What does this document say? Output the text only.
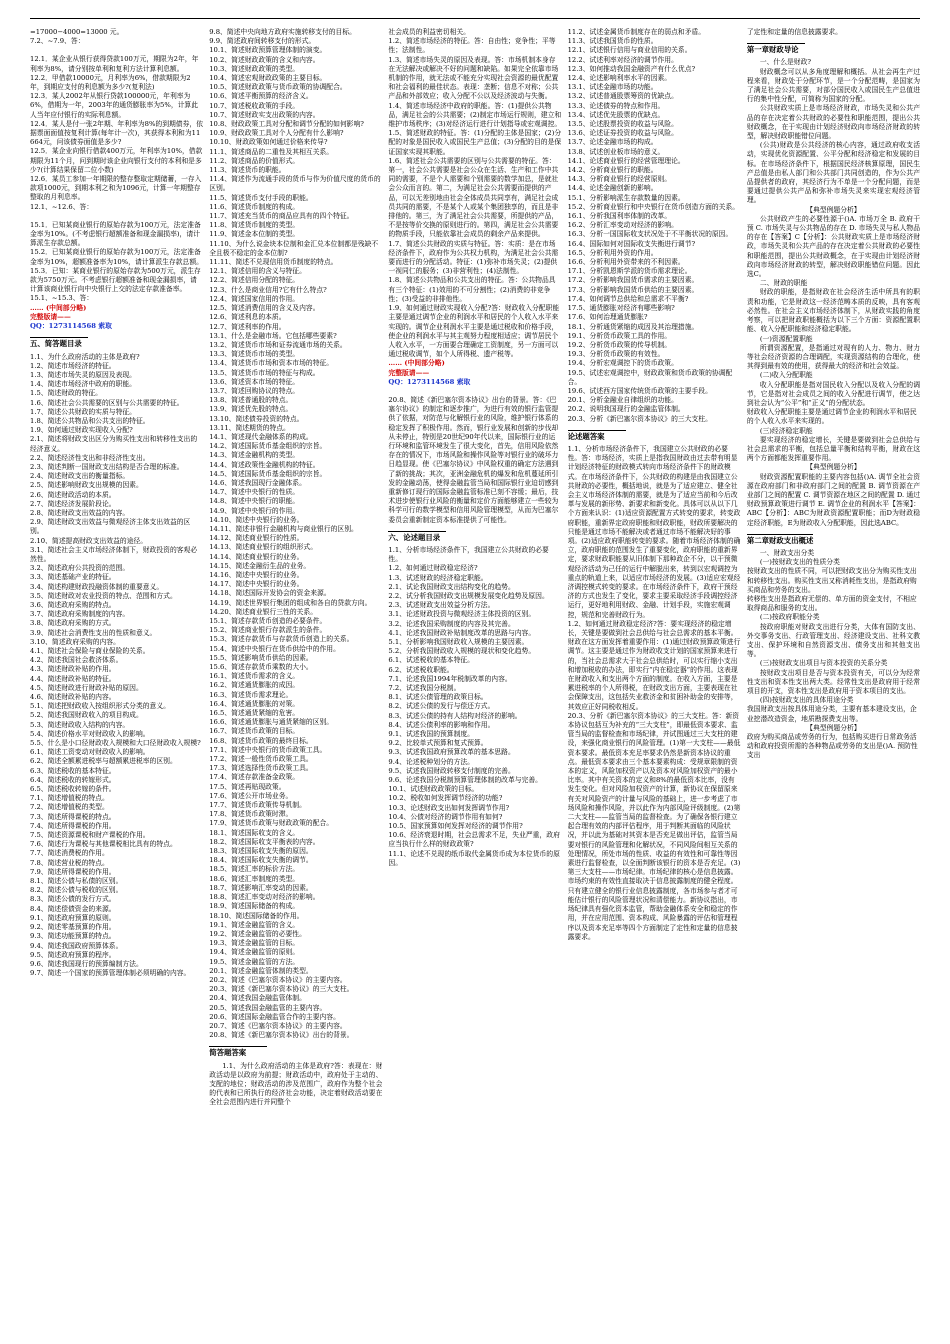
=17000−4000=13000 元。

7.2、~7.9、答：

12.1．某企业从银行获得贷款100万元，期限为2年，年利率为8%，请分别按单利和复利方法计算利息额。

12.2．甲借款10000元，月利率为6%，借款期限为2年，到期应支付的利息额为多少?(复利法)

12.3．某人2002年从银行贷款100000元，年利率为6%，借期为一年，2003年的通货膨胀率为5%，计算此人当年应付银行的实际利息额。

12.4．某人是付一张2年期、年利率为8%的到期债券，依据票面面值按复利计算(每年计一次)，其获得本利和为11664元，问该债券面值是多少?

12.5．某企业向银行借款400万元，年利率为10%，借款期限为11个月，问到期时该企业向银行支付的本利和是多少?(计算结果保留二位小数)

12.6．某员工参加一年期限的整存整取定期储蓄，一存入款项1000元，到期本利之和为1096元，计算一年期整存整取的月利息率。

12.1、~12.6、答：

15.1．已知某商业银行的原始存款为100万元，法定准备金率为10%。(不考虑银行超额准备和现金漏损率)，请计算派生存款总额。

15.2．已知某商业银行的原始存款为100万元，法定准备金率为10%，超额准备率为10%，请计算派生存款总额。

15.3．已知：某商业银行的原始存款为500万元，派生存款为5750万元。不考虑银行超额准备和现金漏损率，请计算该商业银行向中央银行上交的法定存款准备率。

15.1、~15.3、答：

…… (中间部分略)

完整版请——

QQ：1273114568 索取

五、简答题目录

1.1、为什么政府活动的主体是政府?

1.2、简述市场经济的特征。

1.3、简述市场失灵的原因及表现。

1.4、简述市场经济中政府的职能。

1.5、简述财政的特征。

1.6、简述社会公共需要的区别与公共需要的特征。

1.7、简述公共财政的实质与特征。

1.8、简述公共物品和公共支出的特征。

1.9、如何通过财政实现收入分配?

2.1、简述将财政支出区分为购买性支出和转移性支出的经济意义。

2.2、简述经济性支出和非经济性支出。

2.3、简述判断一国财政支出结构是否合理的标准。

2.4、简述财政支出的衡量指标。

2.5、简述影响财政支出规模的因素。

2.6、简述财政活动的本质。

2.7、简述经济发展阶段论。

2.8、简述财政支出效益的内容。

2.9、简述财政支出效益与微观经济主体支出效益的区别。

2.10、简述提高财政支出效益的途径。

3.1、简述社会主义市场经济体制下，财政投资的客观必然性。

3.2、简述政府公共投资的范围。

3.3、简述基础产业的特征。

3.4、简述构建财政投融资体制的重要意义。

3.5、简述财政对农业投资的特点、范围和方式。

3.6、简述政府采购的特点。

3.7、简述政府采购制度的内容。

3.8、简述政府采购的方式。

3.9、简述社会消费性支出的性质和意义。

3.10、简述政府采购的内容。

4.1、简述社会保险与商业保险的关系。

4.2、简述我国社会救济体系。

4.3、简述财政补贴的作用。

4.4、简述财政补贴的特征。

4.5、简述财政进行财政补贴的原因。

4.6、简述财政补贴的内容。

5.1、简述把财政收入按组织形式分类的意义。

5.2、简述我国财政收入的项目构成。

5.3、简述财政收入结构的内容。

5.4、简述价格水平对财政收入的影响。

5.5、什么是小口径财政收入规模和大口径财政收入规模?

6.1、简述工资变动对财政收入的影响。

6.2、简述全额累进税率与超额累进税率的区别。

6.3、简述税收的基本特征。

6.4、简述税收的转嫁形式。

6.5、简述税收转嫁的条件。

7.1、简述增值税的特点。

7.2、简述增值税的类型。

7.3、简述所得课税的特点。

7.4、简述所得课税的作用。

7.5、简述资源课税和财产课税的作用。

7.6、简述行为课税与其他课税相比具有的特点。

7.7、简述消费税的作用。

7.8、简述营业税的特点。

7.9、简述所得课税的作用。

8.1、简述公债与私债的区别。

8.2、简述公债与税收的区别。

8.3、简述公债的发行方式。

8.4、简述偿债资金的来源。

9.1、简述政府预算的原则。

9.2、简述零基预算的作用。

9.3、简述功能预算的特点。

9.4、简述我国政府预算体系。

9.5、简述政府预算的程序。

9.6、简述我国现行的预算编制方法。

9.7、简述一个国家的预算管理体制必须明确的内容。

9.8、简述中央向地方政府实施转移支付的目标。

9.9、简述政府间转移支付的形式。

10.1、简述财政预算管理体制的演变。

10.2、简述财政政策的含义和内容。

10.3、简述财政政策的类型。

10.4、简述宏观财政政策的主要目标。

10.5、简述财政政策与货币政策的协调配合。

10.6、简述平衡预算的经济含义。

10.7、简述税收政策的手段。

10.7、简述财政实支出政策的内容。

10.8、财政政策工具对分配和调节分配的如何影响?

10.9、财政政策工具对个人分配有什么影响?

10.10、财政政策如何通过价格来传导?

11.1、简述商品的二重性及其相互关系。

11.2、简述商品的价值形式。

11.3、简述货币的职能。

11.4、简述作为流通手段的货币与作为价值尺度的货币的区别。

11.5、简述货币支付手段的职能。

11.6、简述货币制度的构成。

11.7、简述充当货币的商品应具有的四个特征。

11.8、简述货币制度的类型。

11.9、简述金本位制的类型。

11.10、为什么说金块本位制和金汇兑本位制都是残缺不全且极不稳定的金本位制?

11.11、简述不兑现信用货币制度的特点。

12.1、简述信用的含义与特征。

12.2、简述信用分配的特征。

12.3、什么是商业信用?它有什么特点?

12.4、简述国家信用的作用。

12.5、简述消费信用的含义及内容。

12.6、简述利息的本质。

12.7、简述利率的作用。

13.1、什么是金融市场。它包括哪些要素?

13.2、简述货币市场和证券流通市场的关系。

13.3、简述货币市场的类型。

13.4、简述货币市场和资本市场的特征。

13.5、简述货币市场的特征与构成。

13.6、简述资本市场的特征。

13.7、简述回购协议的特点。

13.8、简述普通股的特点。

13.9、简述优先股的特点。

13.10、简述债券投资的特点。

13.11、简述期货的特点。

14.1、简述现代金融体系的构成。

14.2、简述国际货币基金组织的宗旨。

14.3、简述金融机构的类型。

14.4、简述政策性金融机构的特征。

14.5、简述国际货币基金组织的宗旨。

14.6、简述我国现行金融体系。

14.7、简述中央银行的性质。

14.8、简述中央银行的职能。

14.9、简述中央银行的作用。

14.10、简述中央银行的业务。

14.11、简述非银行金融机构与商业银行的区别。

14.12、简述商业银行的性质。

14.13、简述商业银行的组织形式。

14.14、简述商业银行的业务。

14.15、简述金融衍生品的业务。

14.16、简述中央银行的业务。

14.17、简述中央银行的业务。

14.18、简述国际开发协会的资金来源。

14.19、简述世界银行集团的组成和各自的贷款方向。

14.20、简述商业银行三性的关系。

15.1、简述存款货币创造的必要条件。

15.2、简述商业银行存款派生的条件。

15.3、简述存款货币与存款货币创造上的关系。

15.4、简述中央银行在货币供给中的作用。

15.5、简述影响货币供给的因素。

15.6、简述存款货币乘数的大小。

16.1、简述货币需求的含义。

16.2、简述通货膨胀的成因。

16.3、简述货币需求理论。

16.4、简述通货膨胀的对策。

16.5、简述通货紧缩的危害。

16.6、简述通货膨胀与通货紧缩的区别。

16.7、简述货币政策的目标。

16.8、简述货币政策的最终目标。

17.1、简述中央银行的货币政策工具。

17.2、简述一般性货币政策工具。

17.3、简述选择性货币政策工具。

17.4、简述存款准备金政策。

17.5、简述再贴现政策。

17.6、简述公开市场业务。

17.7、简述货币政策传导机制。

17.8、简述货币政策时滞。

17.9、简述货币政策与财政政策的配合。

18.1、简述国际收支的含义。

18.2、简述国际收支平衡表的内容。

18.3、简述国际收支失衡的原因。

18.4、简述国际收支失衡的调节。

18.5、简述汇率的标价方法。

18.6、简述汇率制度的类型。

18.7、简述影响汇率变动的因素。

18.8、简述汇率变动对经济的影响。

18.9、简述国际储备的构成。

18.10、简述国际储备的作用。

19.1、简述金融监管的含义。

19.2、简述金融监管的必要性。

19.3、简述金融监管的目标。

19.4、简述金融监管的原则。

19.5、简述金融监管的方法。

20.1、简述金融监管体制的类型。

20.2、简述《巴塞尔资本协议》的主要内容。

20.3、简述《新巴塞尔资本协议》的三大支柱。

20.4、简述我国金融监管体制。

20.5、简述我国金融监管的主要内容。

20.6、简述国际金融监管合作的主要内容。

20.7、简述《巴塞尔资本协议》的主要内容。

20.8、简述《新巴塞尔资本协议》出台的背景。

简答题答案

1.1、为什么政府活动的主体是政府?答：表现在：财政活动是以政府为前提；财政活动中，政府处于主动的、支配的地位；财政活动的涉及范围广，政府作为整个社会的代表和已所执行的经济社会功能，决定着财政活动要在全社会范围内进行并同整个

社会成员的利益密切相关。

1.2、简述市场经济的特征。答：自由性；竞争性；平等性；法制性。

1.3、简述市场失灵的原因及表现。答：市场机制本身存在无法解决或解决不好的问题和缺陷。如果完全依靠市场机制的作用，就无法或不能充分实现社会资源的最优配置和社会福利的最佳状态。表现：垄断；信息不对称；公共产品和外部效应；收入分配不公以及经济波动与失衡。

1.4、简述市场经济中政府的职能。答：(1)提供公共物品，满足社会的公共需要；(2)制定市场运行规则，建立和维护市场秩序；(3)对经济运行进行计划指导或宏观调控。

1.5、简述财政的特征。答：(1)分配的主体是国家；(2)分配的对象是国民收入或国民生产总值；(3)分配的目的是保证国家实现其职能。

1.6、简述社会公共需要的区别与公共需要的特征。答：第一，社会公共需要是社会公众在生活、生产和工作中共同的需要，不是个人需要和个别需要的数学加总，是就社会公众而言的。第二，为满足社会公共需要而提供的产品，可以无差别地由社会全体成员共同享有，满足社会成员共同的需要，不是某个人或某个集团独享的，而且是非排他的。第三，为了满足社会公共需要，所提供的产品，不是按等价交换的原则进行的。第四，满足社会公共需要的物质手段，只能依靠社会成员的剩余产品来提供。

1.7、简述公共财政的实质与特征。答：实质：是在市场经济条件下，政府作为公共权力机构，为满足社会公共需要而进行的分配活动。特征：(1)弥补市场失灵；(2)提供一视同仁的服务；(3)非营利性；(4)法制性。

1.8、简述公共物品和公共支出的特征。答：公共物品具有三个特征：(1)效用的不可分割性；(2)消费的非竞争性；(3)受益的非排他性。

1.9、如何通过财政实现收入分配?答：财政收入分配职能主要是通过调节企业的利润水平和居民的个人收入水平来实现的。调节企业利润水平主要是通过税收和价格手段，使企业的利润水平与其主观努力程度相适应；调节居民个人收入水平，一方面要合理确定工资制度，另一方面可以通过税收调节，如个人所得税、遗产税等。

…… (中间部分略)

完整版请——

QQ：1273114568 索取

20.8、简述《新巴塞尔资本协议》出台的背景。答：《巴塞尔协议》的制定和逐步推广，为进行有效的银行监管提供了依据，对防范与化解银行业的风险，维护银行体系的稳定发挥了积极作用。然而，银行业发展和创新的步伐却从未停止，特别是20世纪90年代以来，国际银行业的运行环境和监管环境发生了很大变化，首先，信用风险依然存在的情况下，市场风险和操作风险等对银行业的破坏力日趋显现。使《巴塞尔协议》中风险权重的确定方法遇到了新的挑战；其次，亚洲金融危机的爆发和危机蔓延所引发的金融动荡，使得金融监管当局和国际银行业迫切感到重新修订现行的国际金融监管标准已刻不容缓；最后，技术进步使银行业风险的衡量和定价方面能够建立一些较为科学可行的数学模型和信用风险管理模型，从而为巴塞尔委员会重新制定资本标准提供了可能性。

六、论述题目录

1.1、分析市场经济条件下，我国建立公共财政的必要性。

1.2、如何通过财政稳定经济?

1.3、试述财政的经济稳定职能。

2.1、试论我国财政支出结构变化的趋势。

2.2、试分析我国财政支出规模发展变化趋势及原因。

2.3、试述财政支出效益分析方法。

3.1、论述财政投资与微观经济主体投资的区别。

3.2、论述我国采购制度的内容及其完善。

4.1、论述我国财政补贴制度改革的思路与内容。

5.1、分析影响我国财政收入规模的主要因素。

5.2、分析我国财政收入规模的现状和变化趋势。

6.1、试述税收的基本特征。

6.2、试述税收职能。

7.1、论述我国1994年税制改革的内容。

7.2、试述我国分税制。

8.1、试述公债管理的政策目标。

8.2、试述公债的发行与偿还方式。

8.3、试述公债的持有人结构对经济的影响。

8.4、试述公债利率的影响和作用。

9.1、试述我国的预算制度。

9.2、比较单式预算和复式预算。

9.3、试述我国政府预算改革的基本思路。

9.4、论述税种划分的方法。

9.5、试述我国财政转移支付制度的完善。

9.6、论述我国分税制预算管理体制的改革与完善。

10.1、试述财政政策的目标。

10.2、税收如何发挥调节经济的功能?

10.3、论述财政支出如何发挥调节作用?

10.4、公债对经济的调节作用有如何?

10.5、国家预算如何发挥对经济的调节作用?

10.6、经济衰退时期，社会总需求不足，失业严重，政府应当执行什么样的财政政策?

11.1、论述不兑现的纸币取代金属货币成为本位货币的原因。

11.2、试述金属货币制度存在的弱点和矛盾。

11.3、试述我国货币的性质。

12.1、试述银行信用与商业信用的关系。

12.2、试述利率对经济的调节作用。

12.3、如何推动我国金融资产有什么优点?

12.4、论述影响利率水平的因素。

13.1、试述金融市场的功能。

13.2、试述普通股票筹资的优缺点。

13.3、论述债券的特点和作用。

13.4、试述优先股票的优缺点。

13.5、论述股票投资的收益与风险。

13.6、论述证券投资的收益与风险。

13.7、论述金融市场的构成。

13.8、试述创业板市场的意义。

14.1、论述商业银行的经营管理理论。

14.2、分析商业银行的职能。

14.3、分析商业银行的经营原则。

14.4、论述金融创新的影响。

15.1、分析影响派生存款数量的因素。

15.2、分析商业银行和中央银行在货币创造方面的关系。

16.1、分析我国利率体制的改革。

16.2、分析汇率变动对经济的影响。

16.3、分析一国国际收支状况处于不平衡状况的原因。

16.4、国际如何对国际收支失衡进行调节?

16.5、分析利用外资的作用。

16.6、分析利用外资带来的不利因素。

17.1、分析凯恩斯学派的货币需求理论。

17.2、分析影响我国货币需求的主要因素。

17.3、分析影响我国货币供给的主要因素。

17.4、如何调节总供给和总需求不平衡?

17.5、通货膨胀对经济有哪些影响?

17.6、如何治理通货膨胀?

18.1、分析通货紧缩的成因及其治理措施。

19.1、分析货币政策工具的作用。

19.2、分析货币政策的传导机制。

19.3、分析货币政策的有效性。

19.4、分析宏观调控下的货币政策。

19.5、试述宏观调控中，财政政策和货币政策的协调配合。

19.6、试述西方国家传统货币政策的主要手段。

20.1、分析金融业自律组织的功能。

20.2、说明我国现行的金融监管体制。

20.3、分析《新巴塞尔资本协议》的三大支柱。

论述题答案

1.1、分析市场经济条件下，我国建立公共财政的必要性。答：市场经济，实质上是指我国财政由过去带有明显计划经济特征的财政模式转向市场经济条件下的财政模式。在市场经济条件下，公共财政的构建是由我国建立公共财政的必要性，概括地说，就是为了适应建立、健全社会主义市场经济体制的需要，就是为了适应当前和今后改革与发展的新形势、新要求和新变化。具体可以从以下几个方面来认识：(1)适应资源配置方式转变的要求，转变政府职能，重新界定政府职能和财政职能，财政所要解决的只能是通过市场不能解决或者通过市场不能解决好的事项。(2)适应政府职能转变的要求。随着市场经济体制的确立，政府职能的范围发生了重要变化，政府职能的重新界定，要求财政职能要从旧体制下那种政企不分，以干预微观经济活动为己任的运行中解脱出来，转到以宏观调控为重点的轨道上来，以适应市场经济的发展。(3)适应宏观经济调控模式转变的要求。在市场经济条件下，政府干预经济的方式也发生了变化，要求主要采取经济手段调控经济运行，更好地利用财政、金融、计划手段，实施宏观调控，规范和完善财政行为。

1.2、如何通过财政稳定经济?答：要实现经济的稳定增长，关键是要做到社会总供给与社会总需求的基本平衡。财政在这方面发挥着重要作用：(1)通过财政预算政策进行调节。这主要是通过作为财政收支计划的国家预算来进行的，当社会总需求大于社会总供给时，可以实行缩小支出和增加税收的办法，即实行“内在稳定器”的作用。这表现在财政收入和支出两个方面的制度。在收入方面，主要是累进税率的个人所得税，在财政支出方面，主要表现在社会保障支出，这包括失业救济金和贫困补助金的安排等，其效应正好同税收相反。

20.3、分析《新巴塞尔资本协议》的三大支柱。答：新资本协议包括互为补充的“三大支柱”，即最低资本要求、监管当局的监督检查和市场纪律，并试图通过三大支柱的建设，来强化商业银行的风险管理。(1)第一大支柱——最低资本要求。最低资本充足率要求仍然是新资本协议的重点。最低资本要求由三个基本要素构成：受规章限制的资本的定义，风险加权资产以及资本对风险加权资产的最小比率。其中有关资本的定义和8%的最低资本比率，没有发生变化。但对风险加权资产的计算，新协议在保留原来有关对风险资产的计量与风险的基础上，进一步考虑了市场风险和操作风险，并以此作为内部风险评级制度。(2)第二大支柱——监管当局的监督检查。为了确保各银行建立起合理有效的内部评估程序，用于判断其面临的风险状况，并以此为基础对其资本是否充足做出评估，监管当局要对银行的风险管理和化解状况，不同风险间相互关系的处理情况，所处市场的性质、收益的有效性和可靠性等因素进行监督检查，以全面判断该银行的资本是否充足。(3)第三大支柱——市场纪律。市场纪律的核心是信息披露。市场约束的有效性直接取决于信息披露制度的健全程度。只有建立健全的银行业信息披露制度，各市场参与者才可能估计银行的风险管理状况和清偿能力。新协议指出，市场纪律具有强化资本监管，帮助金融体系安全和稳定的作用，并在应用范围、资本构成、风险暴露的评估和管理程序以及资本充足率等四个方面制定了定性和定量的信息披露要求。

了定性和定量的信息披露要求。

第一章财政导论

一、什么是财政?

财政概念可以从多角度理解和概括。从社会再生产过程来看，财政处于分配环节，是一个分配范畴，是国家为了满足社会公共需要，对部分国民收入或国民生产总值进行的集中性分配，可简称为国家的分配。

公共财政实质上是市场经济财政，市场失灵和公共产品的存在决定着公共财政的必要性和职能范围，提出公共财政概念，在于实现由计划经济财政向市场经济财政的转型，解决财政职能错位问题。

(公共)财政是公共经济的核心内容，通过政府收支活动，实现优化资源配置、公平分配和经济稳定和发展的目标。在市场经济条件下，根据国民经济核算原理，国民生产总值是由私人部门和公共部门共同创造的，作为公共产品提供者的政府，其经济行为不单是一个分配问题，而是要通过提供公共产品和弥补市场失灵来实现宏观经济管理。

【典型例题分析】

公共财政产生的必要性源于()A. 市场万全 B. 政府干预 C. 市场失灵与公共物品的存在 D. 市场失灵与私人物品的存在【答案】C【分析】：公共财政实质上是市场经济财政，市场失灵和公共产品的存在决定着公共财政的必要性和职能范围，提出公共财政概念，在于实现由计划经济财政向市场经济财政的转型，解决财政职能错位问题。因此选C。

二、财政的职能

财政的职能，是指财政在社会经济生活中所具有的职责和功能，它是财政这一经济范畴本质的反映，具有客观必然性。在社会主义市场经济体制下，从财政实践的角度考察，可以把财政职能概括为以下三个方面：资源配置职能、收入分配职能和经济稳定职能。

(一)资源配置职能

所谓资源配置，是指通过对现有的人力、物力、财力等社会经济资源的合理调配，实现资源结构的合理化，使其得到最有效的使用，获得最大的经济和社会效益。

(二)收入分配职能

收入分配职能是指对国民收入分配以及收入分配的调节，它是指对社会成员之间的收入分配进行调节，使之达到社会认为“公平”和“正义”的分配状态。

财政收入分配职能主要是通过调节企业的利润水平和居民的个人收入水平来实现的。

(三)经济稳定职能

要实现经济的稳定增长，关键是要做到社会总供给与社会总需求的平衡，包括总量平衡和结构平衡，财政在这两个方面都能发挥重要作用。

【典型例题分析】

财政资源配置职能的主要内容包括()A. 调节全社会资源在政府部门和非政府部门之间的配置 B. 调节资源在产业部门之间的配置 C. 调节资源在地区之间的配置 D. 通过财政预算政策进行调节 E. 调节企业的利润水平【答案】：ABC【分析】：ABC为财政资源配置职能；而D为财政稳定经济职能，E为财政收入分配职能，因此选ABC。

第二章财政支出概述

一、财政支出分类

(一)按财政支出的性质分类

按财政支出的性质不同，可以把财政支出分为购买性支出和转移性支出。购买性支出又称消耗性支出，是指政府购买商品和劳务的支出。

转移性支出是指政府无偿的、单方面的资金支付，不相应取得商品和服务的支出。

(二)按政府职能分类

按政府职能对财政支出进行分类，大体有国防支出、外交事务支出、行政管理支出、经济建设支出、社科文教支出、保护环境和自然资源支出、债务支出和其他支出等。

(三)按财政支出项目与资本投资的关系分类

按财政支出项目是否与资本投资有关，可以分为经常性支出和资本性支出两大类。经常性支出是政府用于经常项目的开支，资本性支出是政府用于资本项目的支出。

(四)按财政支出的具体用途分类

我国财政支出按具体用途分类，主要有基本建设支出，企业挖潜改造资金，地质勘探费支出等。

【典型例题分析】

政府为购买商品或劳务的行为，包括购买进行日常政务活动和政府投资所需的各种物品或劳务的支出是()A. 预防性支出
